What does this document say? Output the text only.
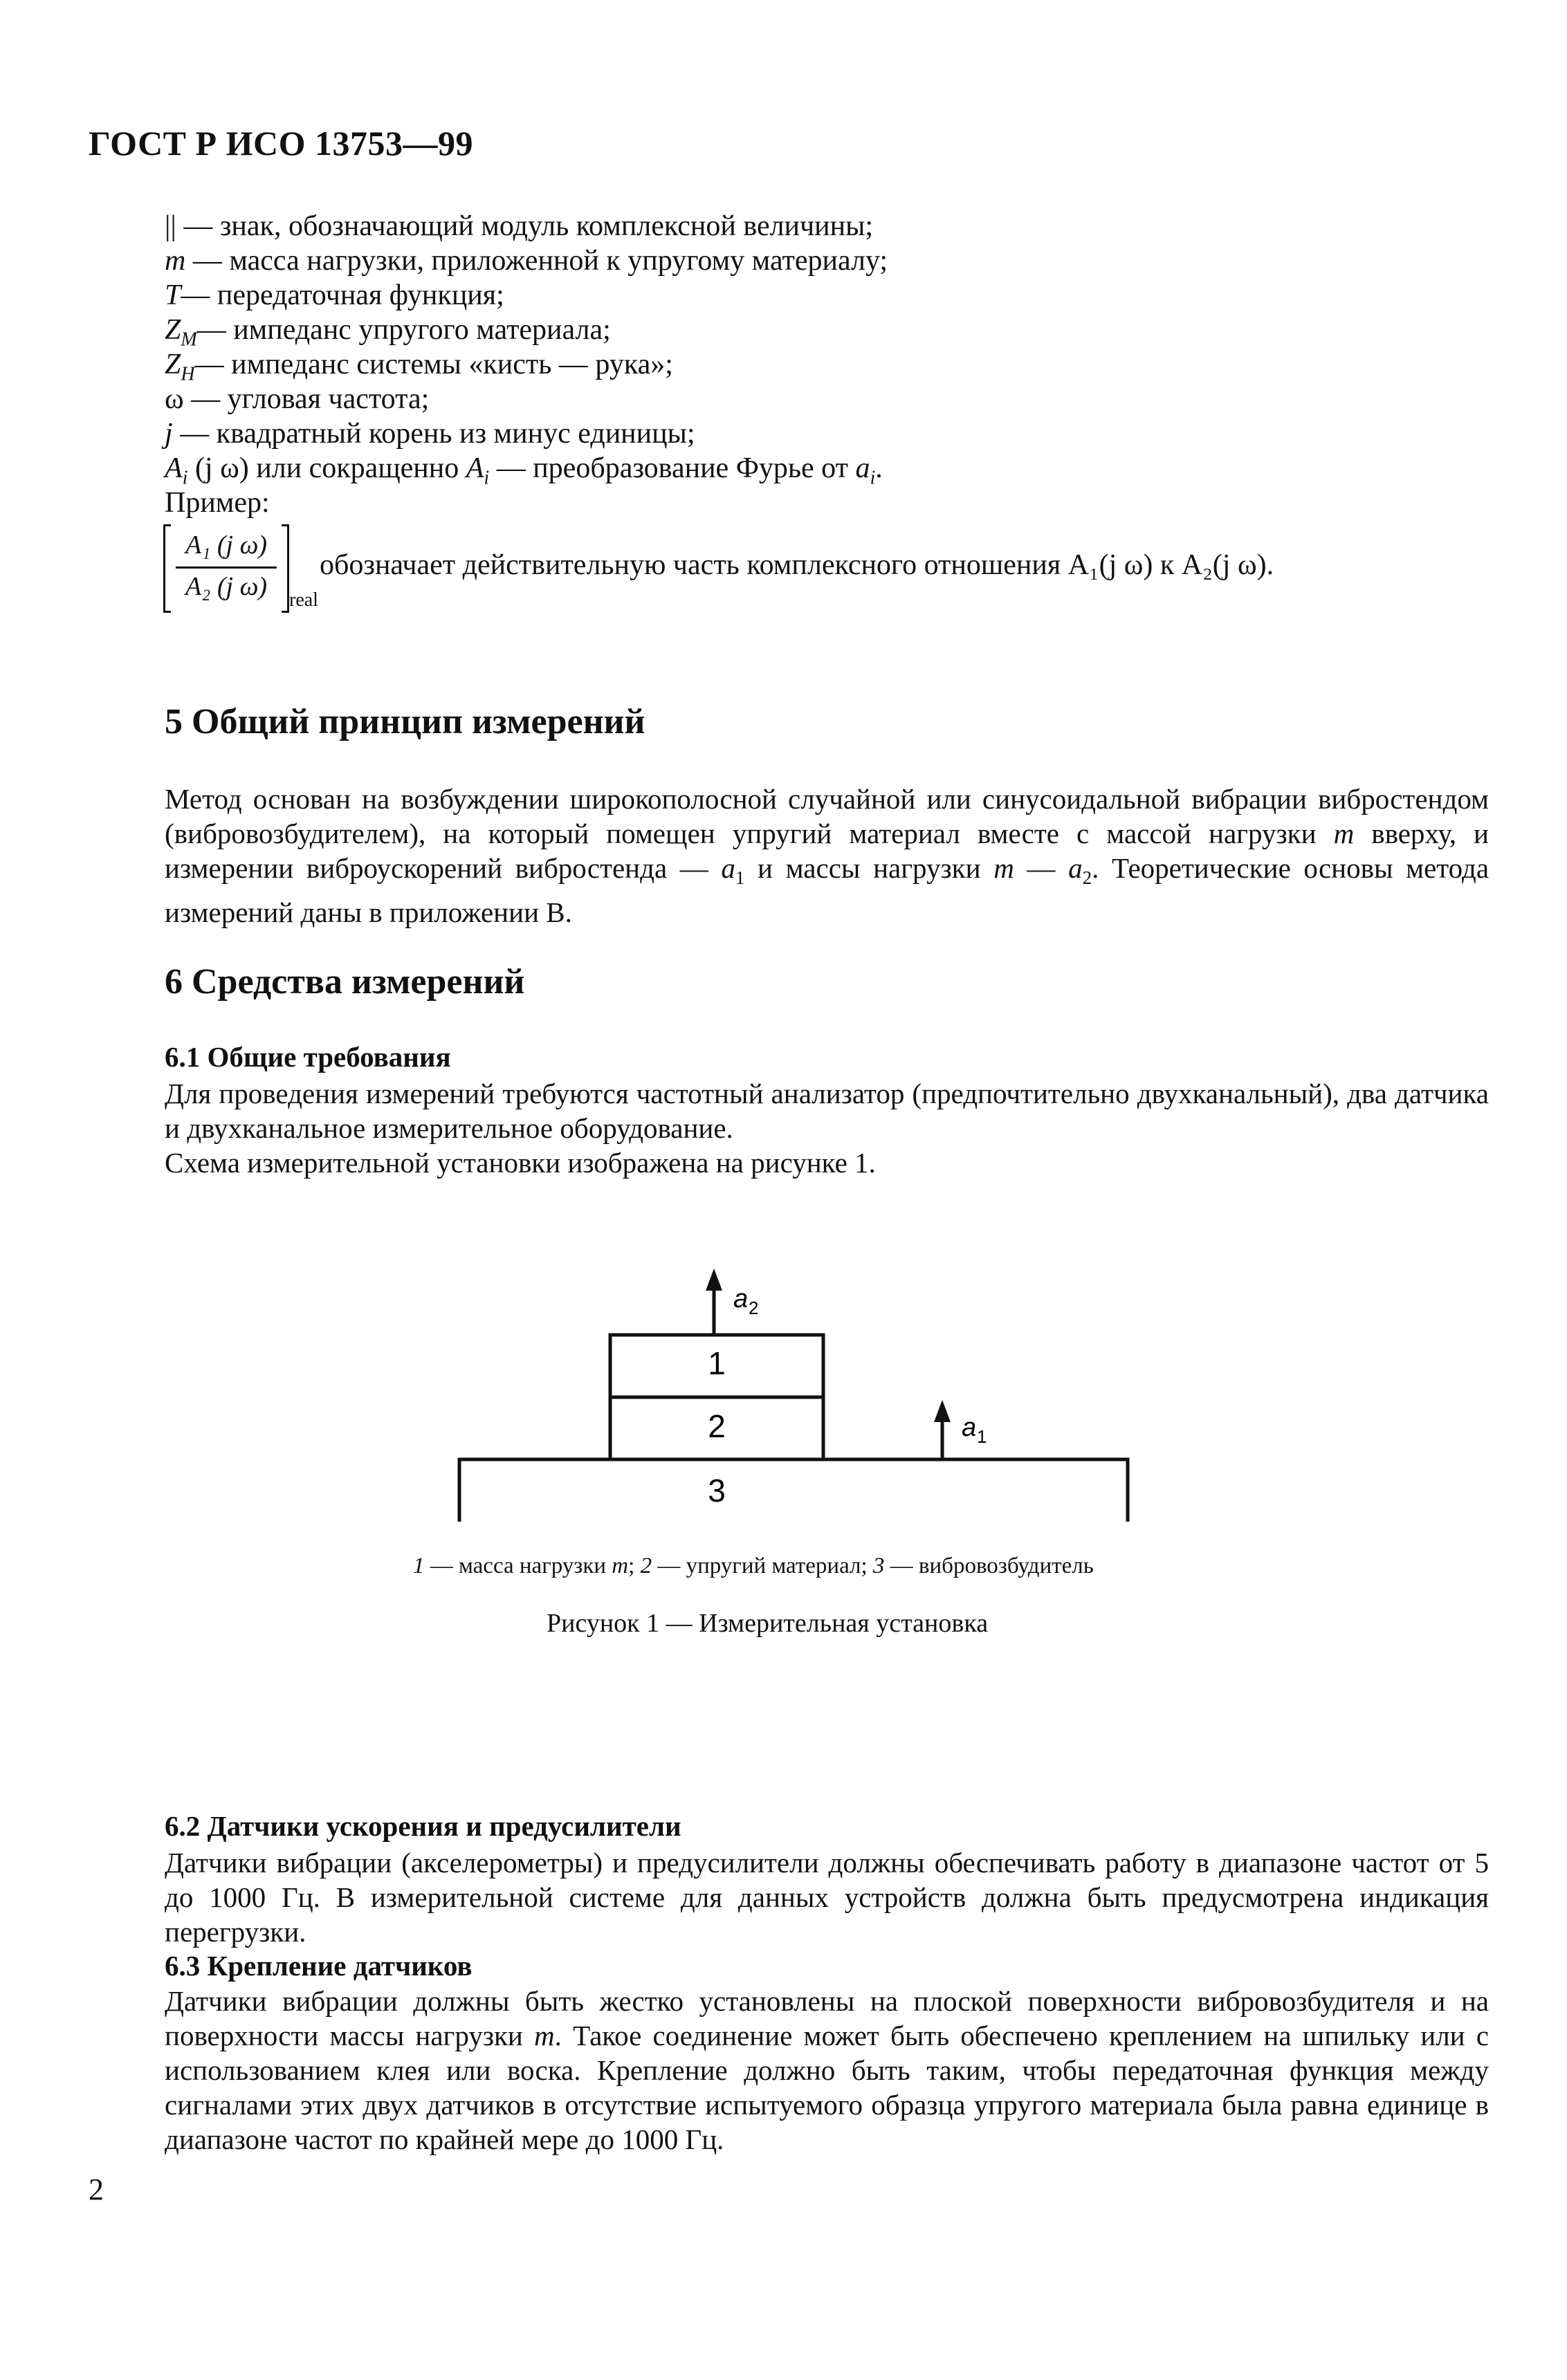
ГОСТ Р ИСО 13753—99
|| — знак, обозначающий модуль комплексной величины;
m — масса нагрузки, приложенной к упругому материалу;
T— передаточная функция;
$Z_M—$ импеданс упругого материала;
$Z_H—$ импеданс системы «кисть — рука»;
ω — угловая частота;
j — квадратный корень из минус единицы;
$A_i$ (j ω) или сокращенно $A_i$ — преобразование Фурье от $a_i$.
Пример:
A₁ (j ω)
A₂ (j ω)	real
обозначает действительную часть комплексного отношения A₁(j ω) к A₂(j ω).
5 Общий принцип измерений
Метод основан на возбуждении широкополосной случайной или синусоидальной вибрации вибростендом (вибровозбудителем), на который помещен упругий материал вместе с массой нагрузки m вверху, и измерении виброускорений вибростенда — $a_1$ и массы нагрузки m — $a_2$. Теоретические основы метода измерений даны в приложении В.
6 Средства измерений
6.1 Общие требования
Для проведения измерений требуются частотный анализатор (предпочтительно двухканальный), два датчика и двухканальное измерительное оборудование.
Схема измерительной установки изображена на рисунке 1.
1
2
3
a 2
a 1
1 — масса нагрузки m; 2 — упругий материал; 3 — вибровозбудитель
Рисунок 1 — Измерительная установка
6.2 Датчики ускорения и предусилители
Датчики вибрации (акселерометры) и предусилители должны обеспечивать работу в диапазоне частот от 5 до 1000 Гц. В измерительной системе для данных устройств должна быть предусмотрена индикация перегрузки.
6.3 Крепление датчиков
Датчики вибрации должны быть жестко установлены на плоской поверхности вибровозбудителя и на поверхности массы нагрузки m. Такое соединение может быть обеспечено креплением на шпильку или с использованием клея или воска. Крепление должно быть таким, чтобы передаточная функция между сигналами этих двух датчиков в отсутствие испытуемого образца упругого материала была равна единице в диапазоне частот по крайней мере до 1000 Гц.
2
